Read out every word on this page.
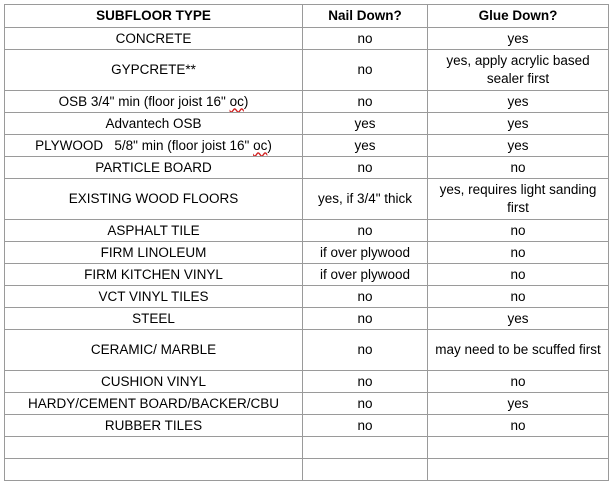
SUBFLOOR TYPE	Nail Down?	Glue Down?
CONCRETE	no	yes
GYPCRETE**	no	yes, apply acrylic based sealer first
OSB 3/4" min (floor joist 16" oc)	no	yes
Advantech OSB	yes	yes
PLYWOOD   5/8" min (floor joist 16" oc)	yes	yes
PARTICLE BOARD	no	no
EXISTING WOOD FLOORS	yes, if 3/4" thick	yes, requires light sanding first
ASPHALT TILE	no	no
FIRM LINOLEUM	if over plywood	no
FIRM KITCHEN VINYL	if over plywood	no
VCT VINYL TILES	no	no
STEEL	no	yes
CERAMIC/ MARBLE	no	may need to be scuffed first
CUSHION VINYL	no	no
HARDY/CEMENT BOARD/BACKER/CBU	no	yes
RUBBER TILES	no	no
